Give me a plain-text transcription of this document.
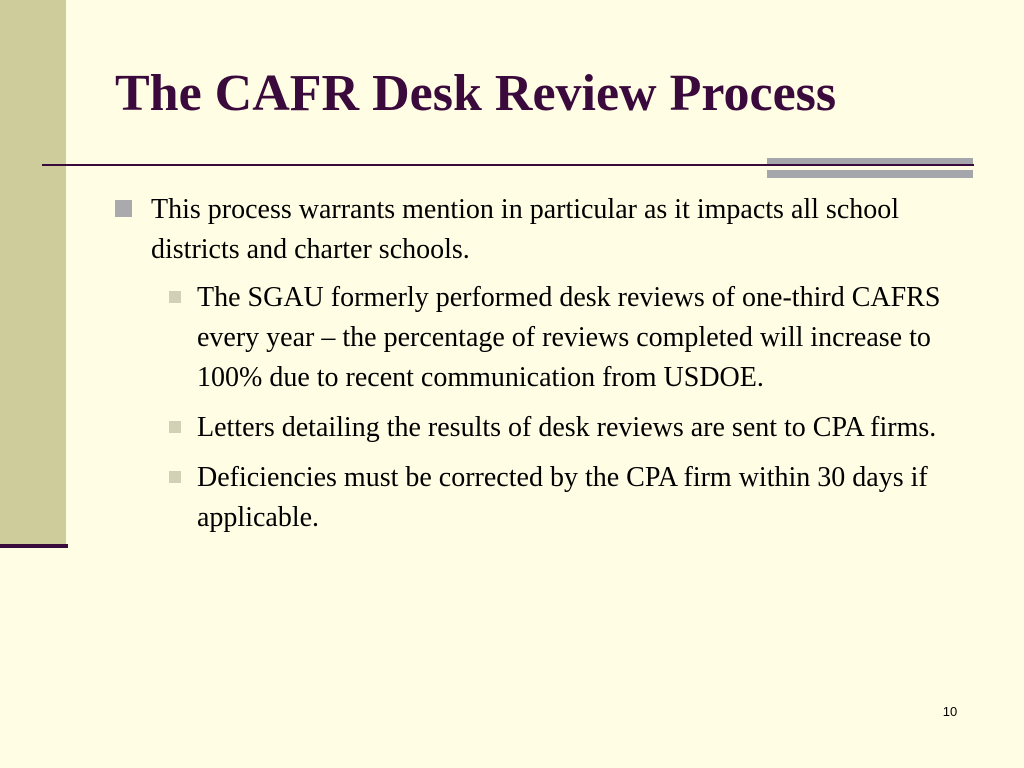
The CAFR Desk Review Process
This process warrants mention in particular as it impacts all school districts and charter schools.
The SGAU formerly performed desk reviews of one-third CAFRS every year – the percentage of reviews completed will increase to 100% due to recent communication from USDOE.
Letters detailing the results of desk reviews are sent to CPA firms.
Deficiencies must be corrected by the CPA firm within 30 days if applicable.
10
